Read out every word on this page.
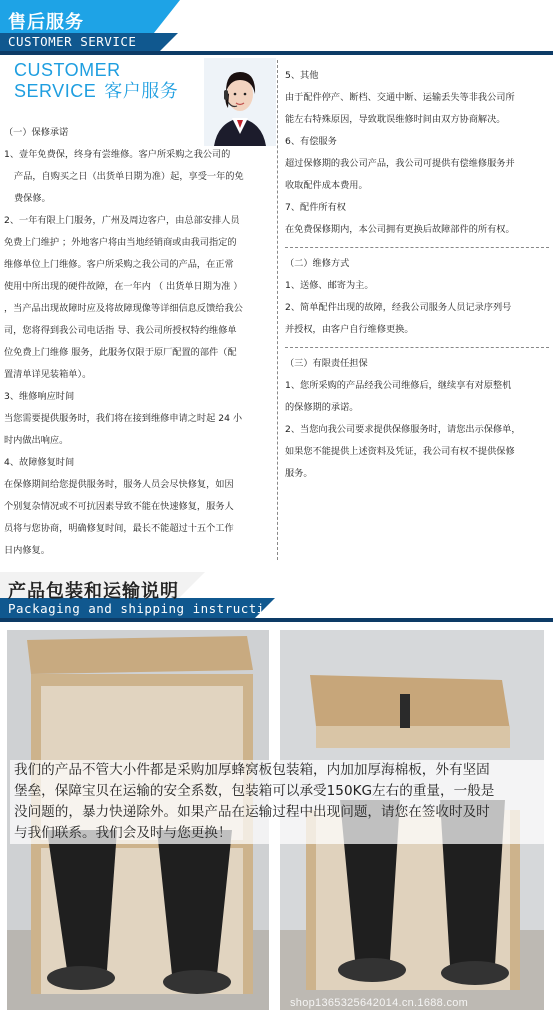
售后服务
CUSTOMER SERVICE
CUSTOMER
SERVICE 客户服务

（一）保修承诺

1、壹年免费保，终身有尝维修。客户所采购之我公司的

产品，自购买之日（出货单日期为准）起，享受一年的免

费保修。

2、一年有限上门服务，广州及周边客户，由总部安排人员

免费上门维护 ；外地客户将由当地经销商或由我司指定的

维修单位上门维修。客户所采购之我公司的产品，在正常

使用中所出现的硬件故障，在一年内 （ 出货单日期为准 ）

，当产品出现故障时应及将故障现像等详细信息反馈给我公

司，您将得到我公司电话指 导、我公司所授权特约维修单

位免费上门维修 服务，此服务仅限于原厂配置的部件（配

置清单详见装箱单）。

3、维修响应时间

当您需要提供服务时，我们将在接到维修申请之时起 24 小

时内做出响应。

4、故障修复时间

在保修期间给您提供服务时，服务人员会尽快修复，如因

个别复杂情况或不可抗因素导致不能在快速修复，服务人

员将与您协商，明确修复时间，最长不能超过十五个工作

日内修复。

5、其他

由于配件停产、断档、交通中断、运输丢失等非我公司所

能左右特殊原因，导致耽误维修时间由双方协商解决。

6、有偿服务

超过保修期的我公司产品，我公司可提供有偿维修服务并

收取配件成本费用。

7、配件所有权

在免费保修期内，本公司拥有更换后故障部件的所有权。

（二）维修方式

1、送修、邮寄为主。

2、简单配件出现的故障，经我公司服务人员记录序列号

并授权，由客户自行维修更换。

（三）有限责任担保

1、您所采购的产品经我公司维修后，继续享有对原整机

的保修期的承诺。

2、当您向我公司要求提供保修服务时，请您出示保修单，

如果您不能提供上述资料及凭证，我公司有权不提供保修

服务。

产品包装和运输说明
Packaging and shipping instructions

我们的产品不管大小件都是采购加厚蜂窝板包装箱，内加加厚海棉板，外有坚固

堡垒，保障宝贝在运输的安全系数，包装箱可以承受150KG左右的重量，一般是

没问题的，暴力快递除外。如果产品在运输过程中出现问题，请您在签收时及时

与我们联系。我们会及时与您更换！

shop1365325642014.cn.1688.com
